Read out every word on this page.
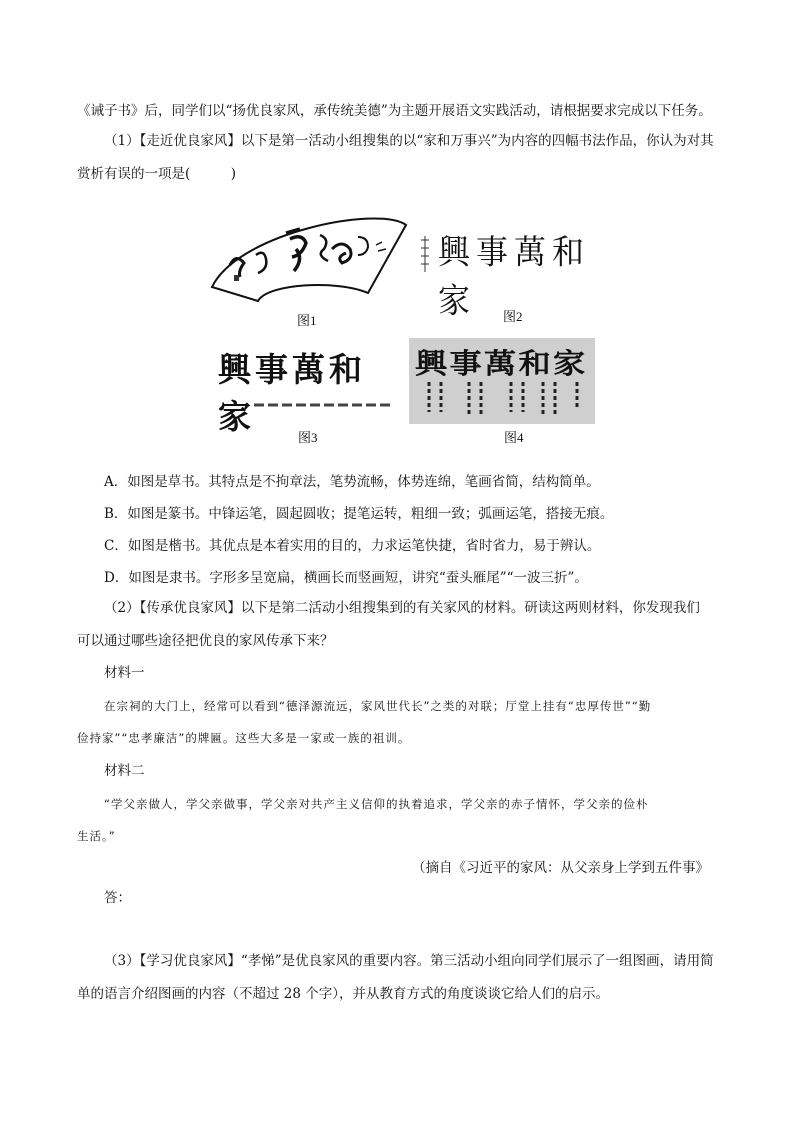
《诫子书》后，同学们以“扬优良家风，承传统美德”为主题开展语文实践活动，请根据要求完成以下任务。
（1）【走近优良家风】以下是第一活动小组搜集的以“家和万事兴”为内容的四幅书法作品，你认为对其
赏析有误的一项是(　　　)
图1
興事萬和家	图2
興事萬和家
图3
興事萬和家
图4
A．如图是草书。其特点是不拘章法，笔势流畅，体势连绵，笔画省简，结构简单。
B．如图是篆书。中锋运笔，圆起圆收；提笔运转，粗细一致；弧画运笔，搭接无痕。
C．如图是楷书。其优点是本着实用的目的，力求运笔快捷，省时省力，易于辨认。
D．如图是隶书。字形多呈宽扁，横画长而竖画短，讲究“蚕头雁尾”“一波三折”。
（2）【传承优良家风】以下是第二活动小组搜集到的有关家风的材料。研读这两则材料，你发现我们
可以通过哪些途径把优良的家风传承下来？
材料一
在宗祠的大门上，经常可以看到“德泽源流远，家风世代长”之类的对联；厅堂上挂有“忠厚传世”“勤
俭持家”“忠孝廉洁”的牌匾。这些大多是一家或一族的祖训。
材料二
“学父亲做人，学父亲做事，学父亲对共产主义信仰的执着追求，学父亲的赤子情怀，学父亲的俭朴
生活。”
（摘自《习近平的家风：从父亲身上学到五件事》
答：
（3）【学习优良家风】“孝悌”是优良家风的重要内容。第三活动小组向同学们展示了一组图画，请用简
单的语言介绍图画的内容（不超过 28 个字），并从教育方式的角度谈谈它给人们的启示。
